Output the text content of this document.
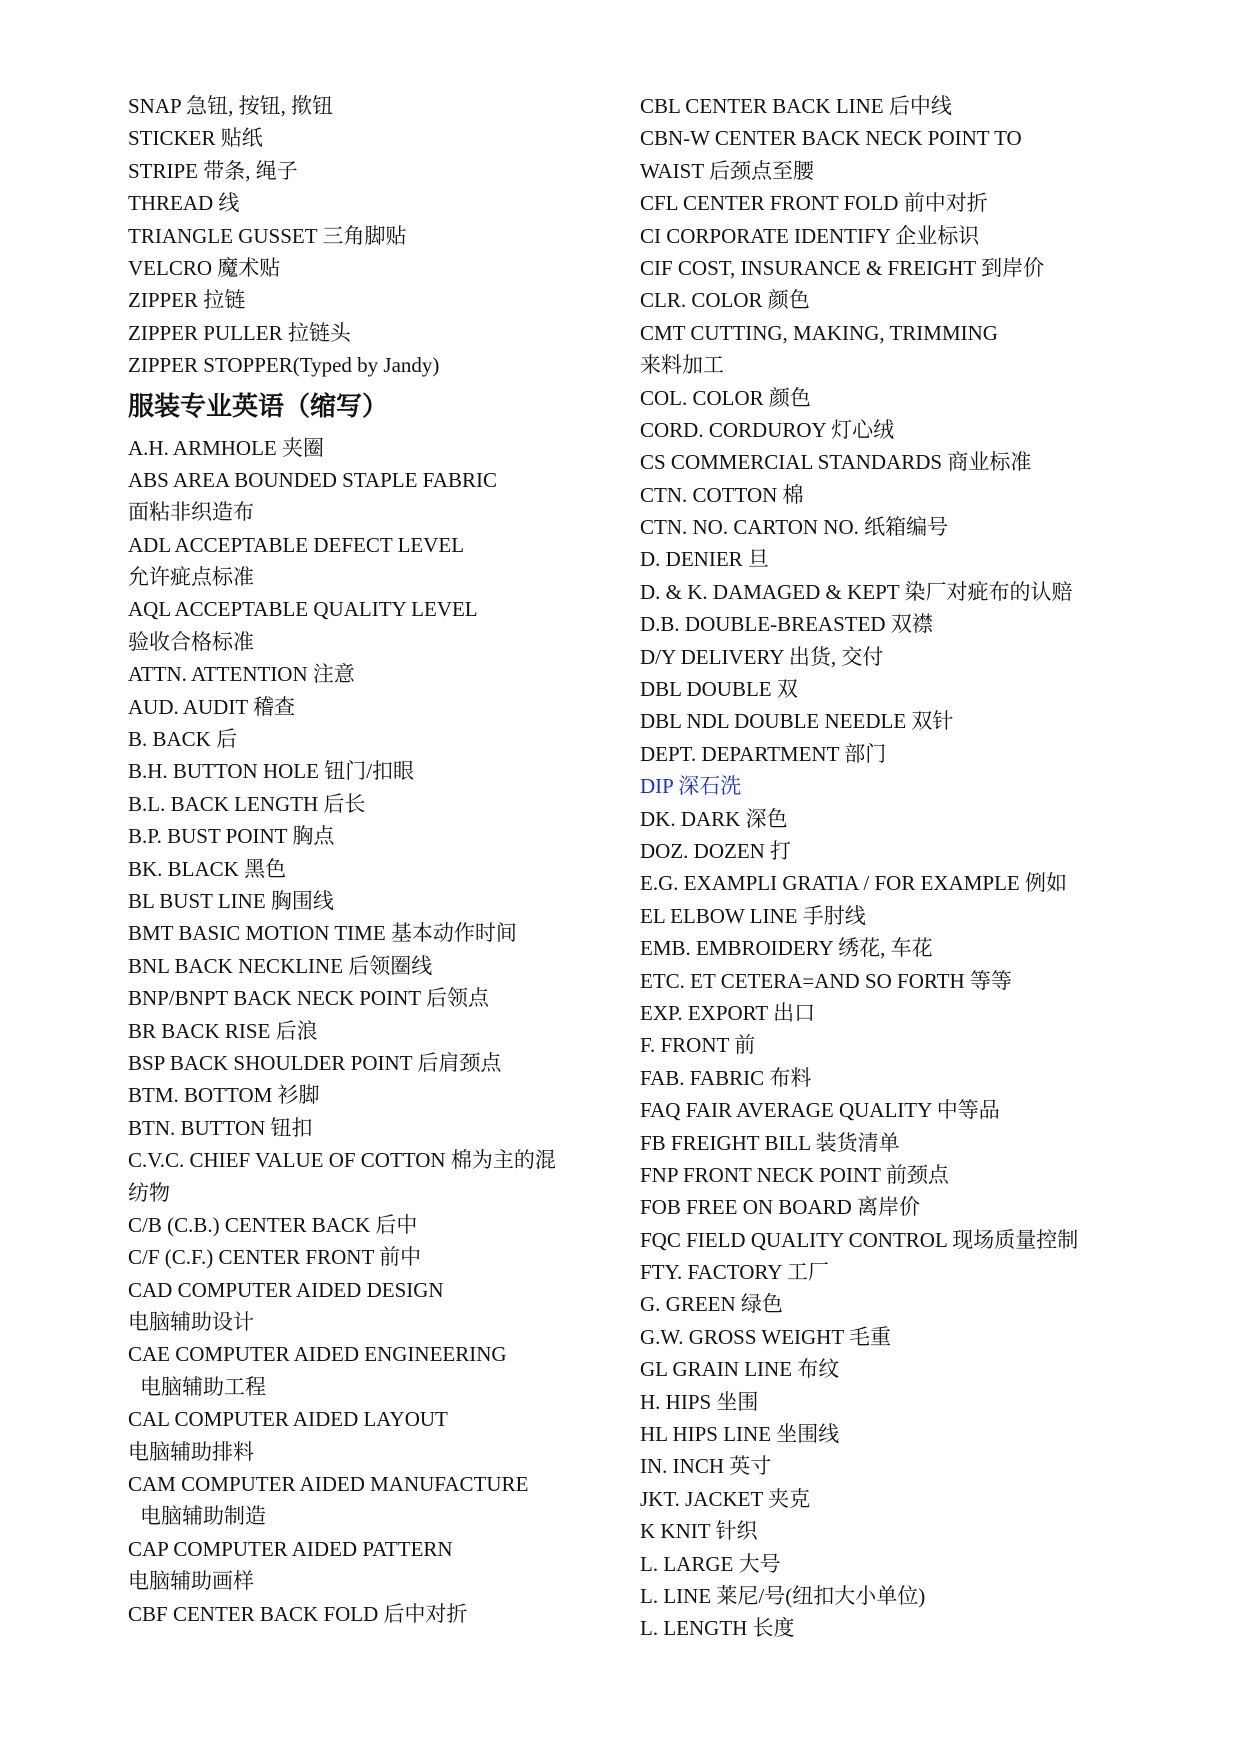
SNAP 急钮, 按钮, 揿钮
STICKER 贴纸
STRIPE 带条, 绳子
THREAD 线
TRIANGLE GUSSET 三角脚贴
VELCRO 魔术贴
ZIPPER 拉链
ZIPPER PULLER 拉链头
ZIPPER STOPPER(Typed by Jandy)
服装专业英语（缩写）
A.H. ARMHOLE 夹圈
ABS AREA BOUNDED STAPLE FABRIC
面粘非织造布
ADL ACCEPTABLE DEFECT LEVEL
允许疵点标准
AQL ACCEPTABLE QUALITY LEVEL
验收合格标准
ATTN. ATTENTION 注意
AUD. AUDIT 稽查
B. BACK 后
B.H. BUTTON HOLE 钮门/扣眼
B.L. BACK LENGTH 后长
B.P. BUST POINT 胸点
BK. BLACK 黑色
BL BUST LINE 胸围线
BMT BASIC MOTION TIME 基本动作时间
BNL BACK NECKLINE 后领圈线
BNP/BNPT BACK NECK POINT 后领点
BR BACK RISE 后浪
BSP BACK SHOULDER POINT 后肩颈点
BTM. BOTTOM 衫脚
BTN. BUTTON 钮扣
C.V.C. CHIEF VALUE OF COTTON 棉为主的混
纺物
C/B (C.B.) CENTER BACK 后中
C/F (C.F.) CENTER FRONT 前中
CAD COMPUTER AIDED DESIGN
电脑辅助设计
CAE COMPUTER AIDED ENGINEERING
电脑辅助工程
CAL COMPUTER AIDED LAYOUT
电脑辅助排料
CAM COMPUTER AIDED MANUFACTURE
电脑辅助制造
CAP COMPUTER AIDED PATTERN
电脑辅助画样
CBF CENTER BACK FOLD 后中对折
CBL CENTER BACK LINE 后中线
CBN-W CENTER BACK NECK POINT TO
WAIST 后颈点至腰
CFL CENTER FRONT FOLD 前中对折
CI CORPORATE IDENTIFY 企业标识
CIF COST, INSURANCE & FREIGHT 到岸价
CLR. COLOR 颜色
CMT CUTTING, MAKING, TRIMMING
来料加工
COL. COLOR 颜色
CORD. CORDUROY 灯心绒
CS COMMERCIAL STANDARDS 商业标准
CTN. COTTON 棉
CTN. NO. CARTON NO. 纸箱编号
D. DENIER 旦
D. & K. DAMAGED & KEPT 染厂对疵布的认赔
D.B. DOUBLE-BREASTED 双襟
D/Y DELIVERY 出货, 交付
DBL DOUBLE 双
DBL NDL DOUBLE NEEDLE 双针
DEPT. DEPARTMENT 部门
DIP 深石洗
DK. DARK 深色
DOZ. DOZEN 打
E.G. EXAMPLI GRATIA / FOR EXAMPLE 例如
EL ELBOW LINE 手肘线
EMB. EMBROIDERY 绣花, 车花
ETC. ET CETERA=AND SO FORTH 等等
EXP. EXPORT 出口
F. FRONT 前
FAB. FABRIC 布料
FAQ FAIR AVERAGE QUALITY 中等品
FB FREIGHT BILL 装货清单
FNP FRONT NECK POINT 前颈点
FOB FREE ON BOARD 离岸价
FQC FIELD QUALITY CONTROL 现场质量控制
FTY. FACTORY 工厂
G. GREEN 绿色
G.W. GROSS WEIGHT 毛重
GL GRAIN LINE 布纹
H. HIPS 坐围
HL HIPS LINE 坐围线
IN. INCH 英寸
JKT. JACKET 夹克
K KNIT 针织
L. LARGE 大号
L. LINE 莱尼/号(纽扣大小单位)
L. LENGTH 长度
